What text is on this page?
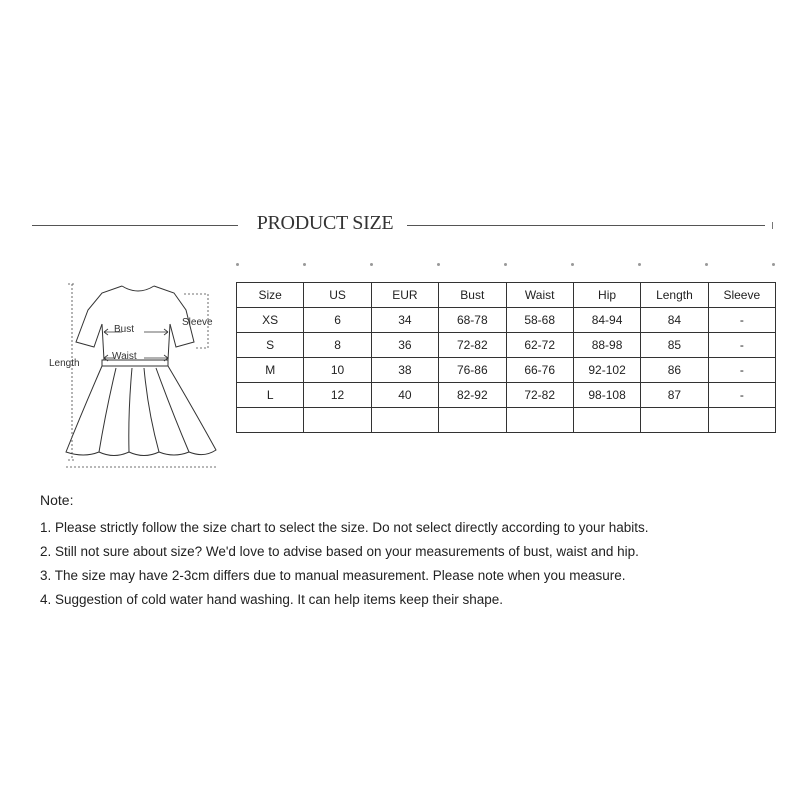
PRODUCT SIZE
Bust
Waist
Sleeve
Length
Size	US	EUR	Bust	Waist	Hip	Length	Sleeve
XS	6	34	68-78	58-68	84-94	84	-
S	8	36	72-82	62-72	88-98	85	-
M	10	38	76-86	66-76	92-102	86	-
L	12	40	82-92	72-82	98-108	87	-

Note:
1. Please strictly follow the size chart to select the size. Do not select directly according to your habits.
2. Still not sure about size? We'd love to advise based on your measurements of bust, waist and hip.
3. The size may have 2-3cm differs due to manual measurement. Please note when you measure.
4. Suggestion of cold water hand washing. It can help items keep their shape.
